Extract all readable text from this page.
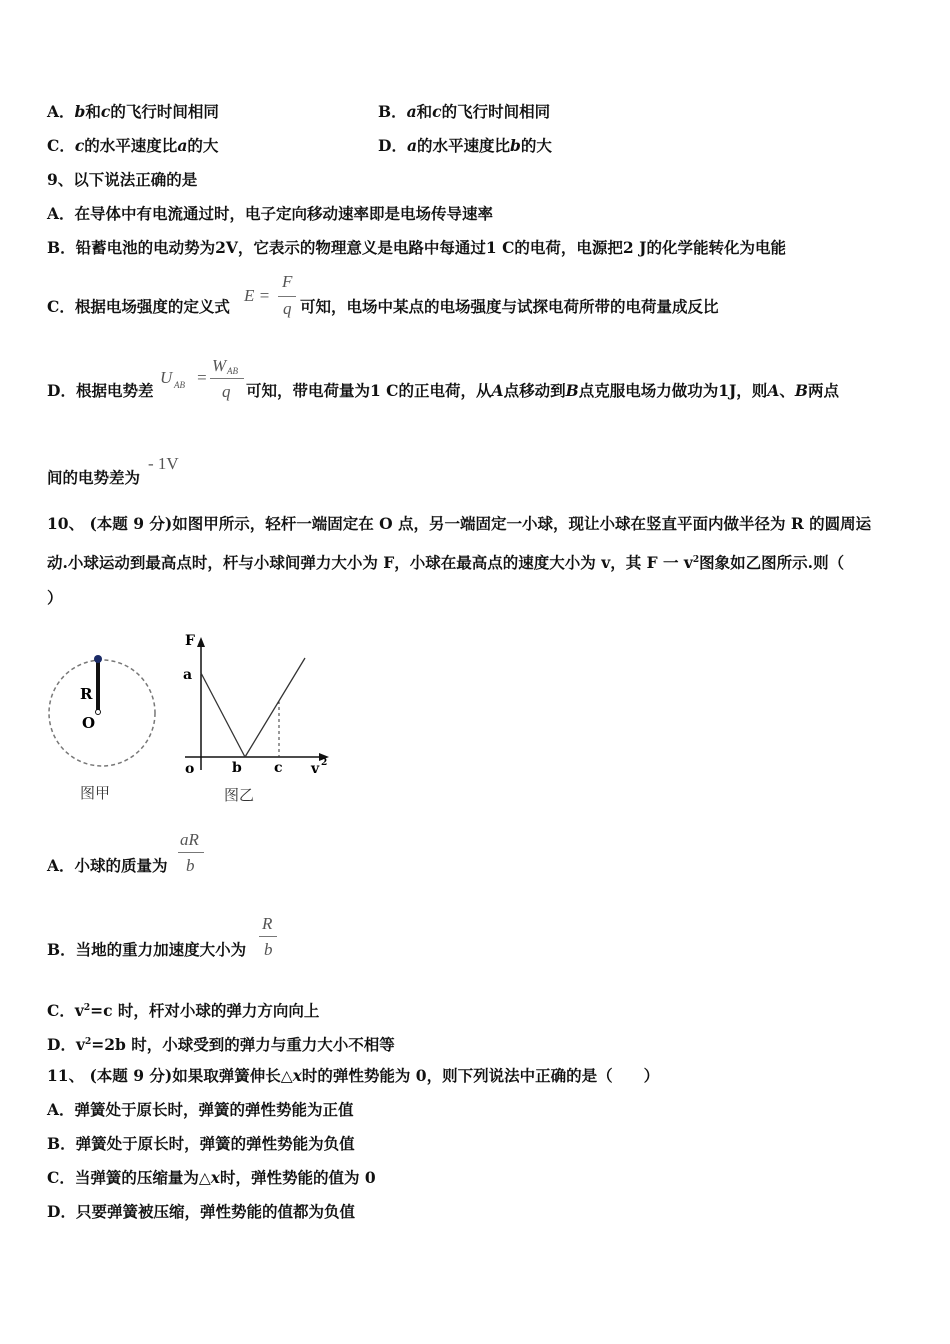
A．b和c的飞行时间相同	B．a和c的飞行时间相同
C．c的水平速度比a的大	D．a的水平速度比b的大
9、以下说法正确的是
A．在导体中有电流通过时，电子定向移动速率即是电场传导速率
B．铅蓄电池的电动势为2V，它表示的物理意义是电路中每通过1 C的电荷，电源把2 J的化学能转化为电能
C．根据电场强度的定义式
E =
F
q 可知，电场中某点的电场强度与试探电荷所带的电荷量成反比
D．根据电势差
U AB =
W AB
q 可知，带电荷量为1 C的正电荷，从A点移动到B点克服电场力做功为1J，则A、B两点
间的电势差为
- 1V
10、 (本题 9 分)如图甲所示，轻杆一端固定在 O 点，另一端固定一小球，现让小球在竖直平面内做半径为 R 的圆周运
动.小球运动到最高点时，杆与小球间弹力大小为 F，小球在最高点的速度大小为 v，其 F 一 $v^2$图象如乙图所示.则（
）
R
O
图甲
F
a
o	b c v 2
图乙
A．小球的质量为
aR
b
B．当地的重力加速度大小为
R
b
C．$v^2=c$ 时，杆对小球的弹力方向向上
D．$v^2=2b$ 时，小球受到的弹力与重力大小不相等
11、 (本题 9 分)如果取弹簧伸长△x时的弹性势能为 0，则下列说法中正确的是（　　）
A．弹簧处于原长时，弹簧的弹性势能为正值
B．弹簧处于原长时，弹簧的弹性势能为负值
C．当弹簧的压缩量为△x时，弹性势能的值为 0
D．只要弹簧被压缩，弹性势能的值都为负值
